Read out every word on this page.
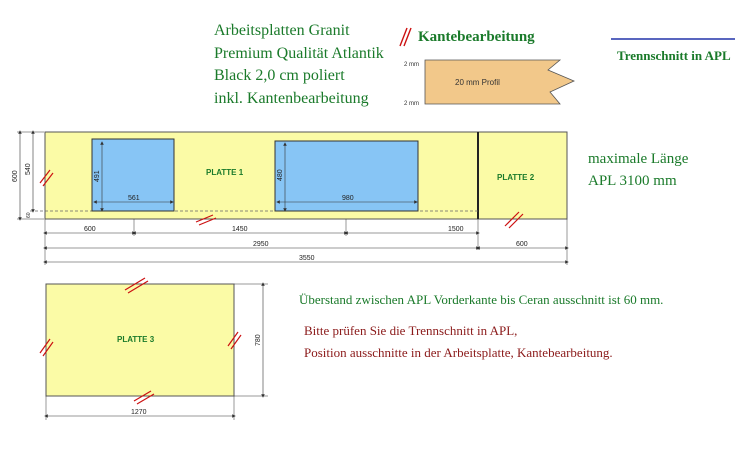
Arbeitsplatten Granit
Premium Qualität Atlantik
Black 2,0 cm poliert
inkl. Kantenbearbeitung
Kantebearbeitung
Trennschnitt in APL
maximale Länge
APL 3100 mm
Überstand zwischen APL Vorderkante bis Ceran ausschnitt ist 60 mm.
Bitte prüfen Sie die Trennschnitt in APL,
Position ausschnitte in der Arbeitsplatte, Kantebearbeitung.
20 mm Profil
2 mm
2 mm
491
561
480
980
PLATTE 1
PLATTE 2
600
540
60
600	1450	1500
2950	600
3550
PLATTE 3	780
1270
